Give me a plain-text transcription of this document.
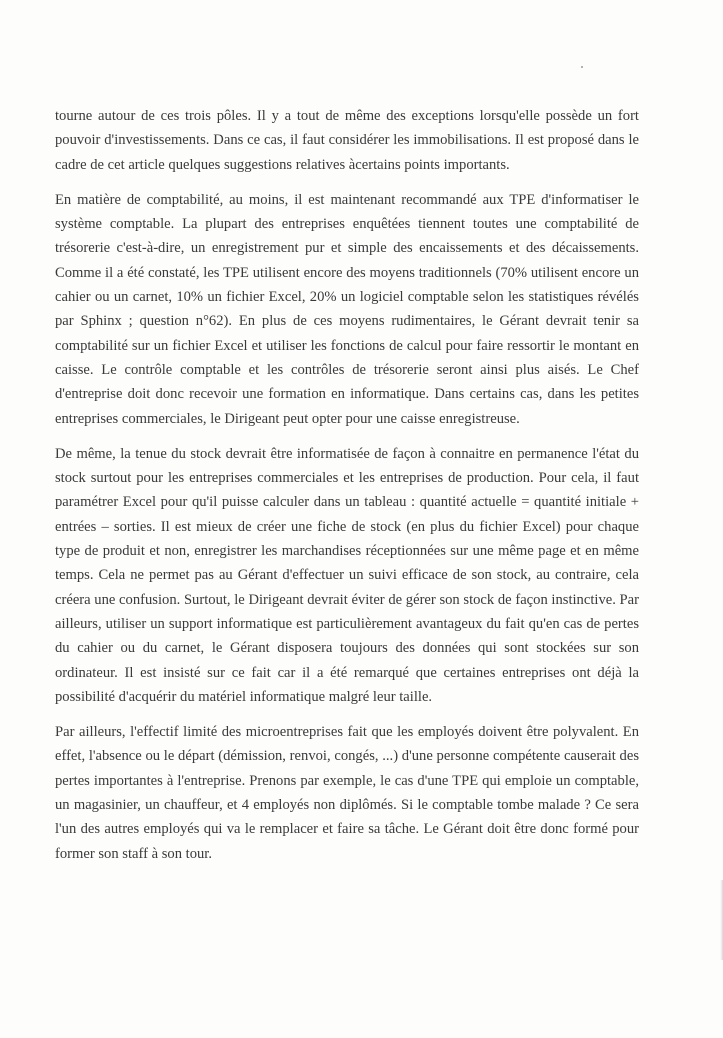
tourne autour de ces trois pôles. Il y a tout de même des exceptions lorsqu'elle possède un fort pouvoir d'investissements. Dans ce cas, il faut considérer les immobilisations. Il est proposé dans le cadre de cet article quelques suggestions relatives àcertains points importants.

En matière de comptabilité, au moins, il est maintenant recommandé aux TPE d'informatiser le système comptable. La plupart des entreprises enquêtées tiennent toutes une comptabilité de trésorerie c'est-à-dire, un enregistrement pur et simple des encaissements et des décaissements. Comme il a été constaté, les TPE utilisent encore des moyens traditionnels (70% utilisent encore un cahier ou un carnet, 10% un fichier Excel, 20% un logiciel comptable selon les statistiques révélés par Sphinx ; question n°62). En plus de ces moyens rudimentaires, le Gérant devrait tenir sa comptabilité sur un fichier Excel et utiliser les fonctions de calcul pour faire ressortir le montant en caisse. Le contrôle comptable et les contrôles de trésorerie seront ainsi plus aisés. Le Chef d'entreprise doit donc recevoir une formation en informatique. Dans certains cas, dans les petites entreprises commerciales, le Dirigeant peut opter pour une caisse enregistreuse.

De même, la tenue du stock devrait être informatisée de façon à connaitre en permanence l'état du stock surtout pour les entreprises commerciales et les entreprises de production. Pour cela, il faut paramétrer Excel pour qu'il puisse calculer dans un tableau : quantité actuelle = quantité initiale + entrées – sorties. Il est mieux de créer une fiche de stock (en plus du fichier Excel) pour chaque type de produit et non, enregistrer les marchandises réceptionnées sur une même page et en même temps. Cela ne permet pas au Gérant d'effectuer un suivi efficace de son stock, au contraire, cela créera une confusion. Surtout, le Dirigeant devrait éviter de gérer son stock de façon instinctive. Par ailleurs, utiliser un support informatique est particulièrement avantageux du fait qu'en cas de pertes du cahier ou du carnet, le Gérant disposera toujours des données qui sont stockées sur son ordinateur. Il est insisté sur ce fait car il a été remarqué que certaines entreprises ont déjà la possibilité d'acquérir du matériel informatique malgré leur taille.

Par ailleurs, l'effectif limité des microentreprises fait que les employés doivent être polyvalent. En effet, l'absence ou le départ (démission, renvoi, congés, ...) d'une personne compétente causerait des pertes importantes à l'entreprise. Prenons par exemple, le cas d'une TPE qui emploie un comptable, un magasinier, un chauffeur, et 4 employés non diplômés. Si le comptable tombe malade ? Ce sera l'un des autres employés qui va le remplacer et faire sa tâche. Le Gérant doit être donc formé pour former son staff à son tour.
